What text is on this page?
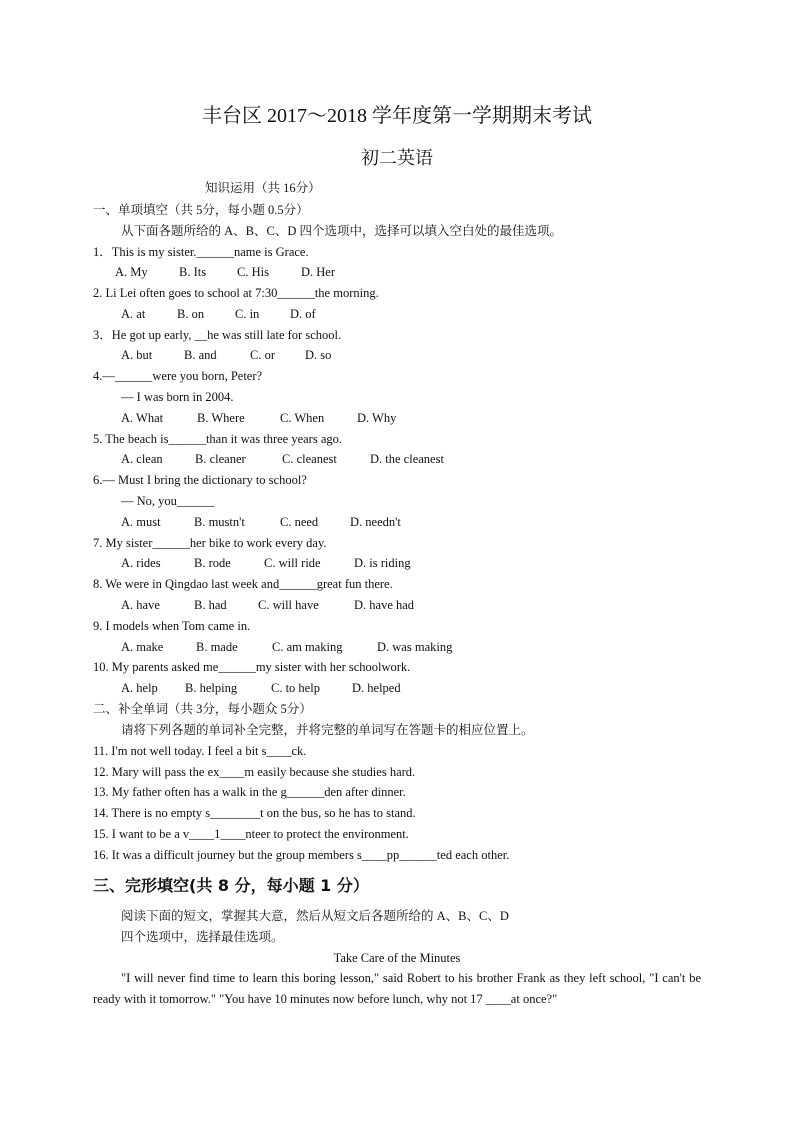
丰台区 2017～2018 学年度第一学期期末考试
初二英语
知识运用（共 16分）
一、单项填空（共 5分，每小题 0.5分）
从下面各题所给的 A、B、C、D 四个选项中，选择可以填入空白处的最佳选项。
1．This is my sister.______name is Grace.
A. My	B. Its C. His	D. Her
2. Li Lei often goes to school at 7:30______the morning.
A. at	B. on C. in D. of
3．He got up early, __he was still late for school.
A. but	B. and	C. or D. so
4.—______were you born, Peter?
— I was born in 2004.
A. What	B. Where	C. When	D. Why
5. The beach is______than it was three years ago.
A. clean	B. cleaner	C. cleanest	D. the cleanest
6.— Must I bring the dictionary to school?
— No, you______
A. must	B. mustn't	C. need	D. needn't
7. My sister______her bike to work every day.
A. rides	B. rode	C. will ride	D. is riding
8. We were in Qingdao last week and______great fun there.
A. have	B. had	C. will have	D. have had
9. I models when Tom came in.
A. make	B. made	C. am making	D. was making
10. My parents asked me______my sister with her schoolwork.
A. help B. helping	C. to help	D. helped
二、补全单词（共 3分，每小题众 5分）
请将下列各题的单词补全完整，并将完整的单词写在答题卡的相应位置上。
11. I'm not well today. I feel a bit s____ck.
12. Mary will pass the ex____m easily because she studies hard.
13. My father often has a walk in the g______den after dinner.
14. There is no empty s________t on the bus, so he has to stand.
15. I want to be a v____1____nteer to protect the environment.
16. It was a difficult journey but the group members s____pp______ted each other.
三、完形填空(共 8 分，每小题 1 分）
阅读下面的短文，掌握其大意，然后从短文后各题所给的 A、B、C、D
四个选项中，选择最佳选项。
Take Care of the Minutes
"I will never find time to learn this boring lesson," said Robert to his brother Frank as they left school, "I can't be ready with it tomorrow." "You have 10 minutes now before lunch, why not 17 ____at once?"
